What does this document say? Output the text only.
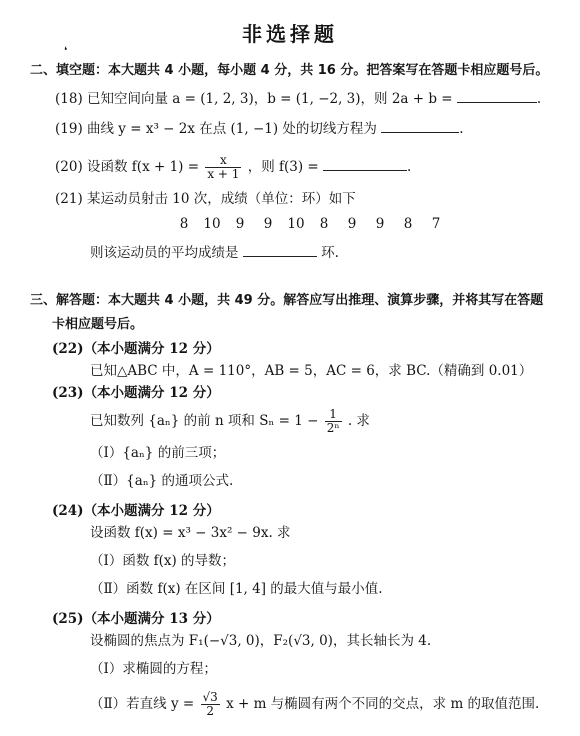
非选择题
❛
二、填空题：本大题共 4 小题，每小题 4 分，共 16 分。把答案写在答题卡相应题号后。
(18) 已知空间向量 a = (1, 2, 3)，b = (1, −2, 3)，则 2a + b =	.
(19) 曲线 y = x³ − 2x 在点 (1, −1) 处的切线方程为	.
(20) 设函数 $f(x + 1) = \frac{x}{x + 1}$ ，则 f(3) =	.
(21) 某运动员射击 10 次，成绩（单位：环）如下
8	10	9	9	10	8	9	9	8	7
则该运动员的平均成绩是	环.
三、解答题：本大题共 4 小题，共 49 分。解答应写出推理、演算步骤，并将其写在答题
卡相应题号后。
(22)（本小题满分 12 分）
已知△ABC 中，A = 110°，AB = 5，AC = 6，求 BC.（精确到 0.01）
(23)（本小题满分 12 分）
已知数列 {aₙ} 的前 n 项和 $S_n = 1 - \frac{1}{\text{2ⁿ}}$ . 求
（Ⅰ）{aₙ} 的前三项；
（Ⅱ）{aₙ} 的通项公式.
(24)（本小题满分 12 分）
设函数 f(x) = x³ − 3x² − 9x. 求
（Ⅰ）函数 f(x) 的导数；
（Ⅱ）函数 f(x) 在区间 [1, 4] 的最大值与最小值.
(25)（本小题满分 13 分）
设椭圆的焦点为 F₁(−√3, 0)，F₂(√3, 0)，其长轴长为 4.
（Ⅰ）求椭圆的方程；
（Ⅱ）若直线 $y = \frac{√3}{2}$ x + m 与椭圆有两个不同的交点，求 m 的取值范围.
